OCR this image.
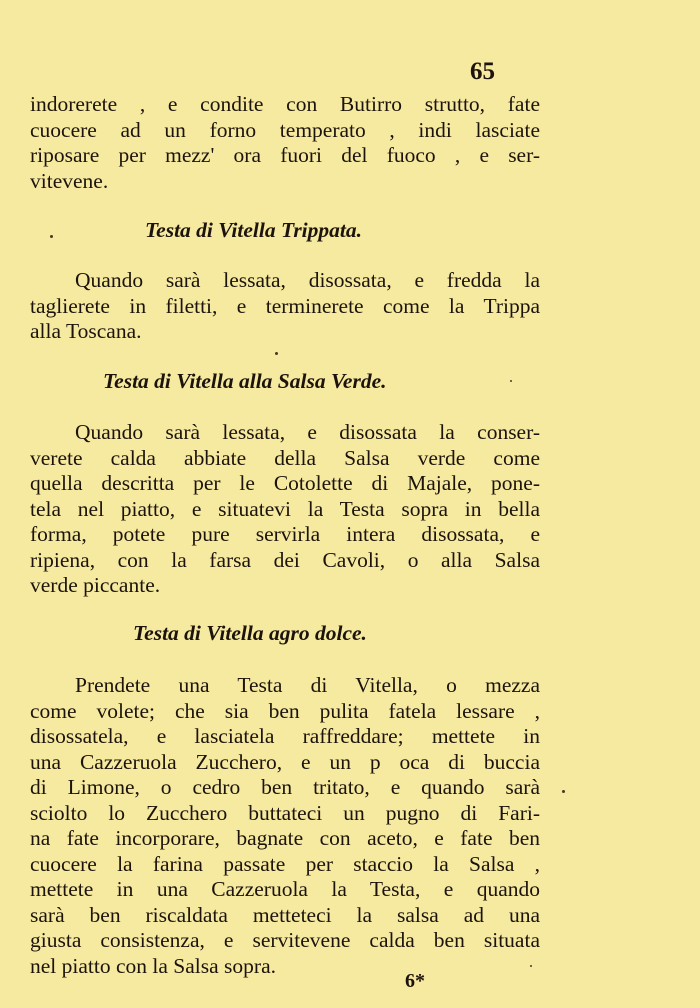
65
indorerete , e condite con Butirro strutto, fate
cuocere ad un forno temperato , indi lasciate
riposare per mezz' ora fuori del fuoco , e ser-
vitevene.
Testa di Vitella Trippata.
Quando sarà lessata, disossata, e fredda la
taglierete in filetti, e terminerete come la Trippa
alla Toscana.
Testa di Vitella alla Salsa Verde.
Quando sarà lessata, e disossata la conser-
verete calda abbiate della Salsa verde come
quella descritta per le Cotolette di Majale, pone-
tela nel piatto, e situatevi la Testa sopra in bella
forma, potete pure servirla intera disossata, e
ripiena, con la farsa dei Cavoli, o alla Salsa
verde piccante.
Testa di Vitella agro dolce.
Prendete una Testa di Vitella, o mezza
come volete; che sia ben pulita fatela lessare ,
disossatela, e lasciatela raffreddare; mettete in
una Cazzeruola Zucchero, e un p oca di buccia
di Limone, o cedro ben tritato, e quando sarà
sciolto lo Zucchero buttateci un pugno di Fari-
na fate incorporare, bagnate con aceto, e fate ben
cuocere la farina passate per staccio la Salsa ,
mettete in una Cazzeruola la Testa, e quando
sarà ben riscaldata metteteci la salsa ad una
giusta consistenza, e servitevene calda ben situata
nel piatto con la Salsa sopra.
6*
